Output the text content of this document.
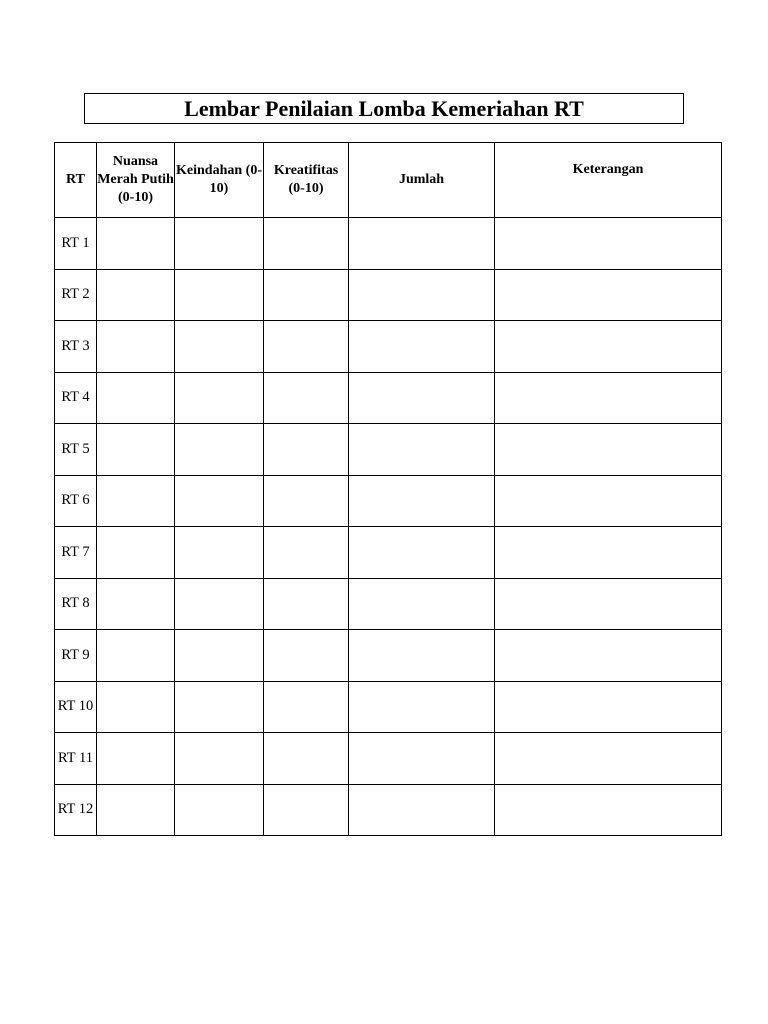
Lembar Penilaian Lomba Kemeriahan RT
RT	Nuansa Merah Putih (0-10)	Keindahan (0-10)	Kreatifitas (0-10)	Jumlah	Keterangan
RT 1					
RT 2					
RT 3					
RT 4					
RT 5					
RT 6					
RT 7					
RT 8					
RT 9					
RT 10					
RT 11					
RT 12					
